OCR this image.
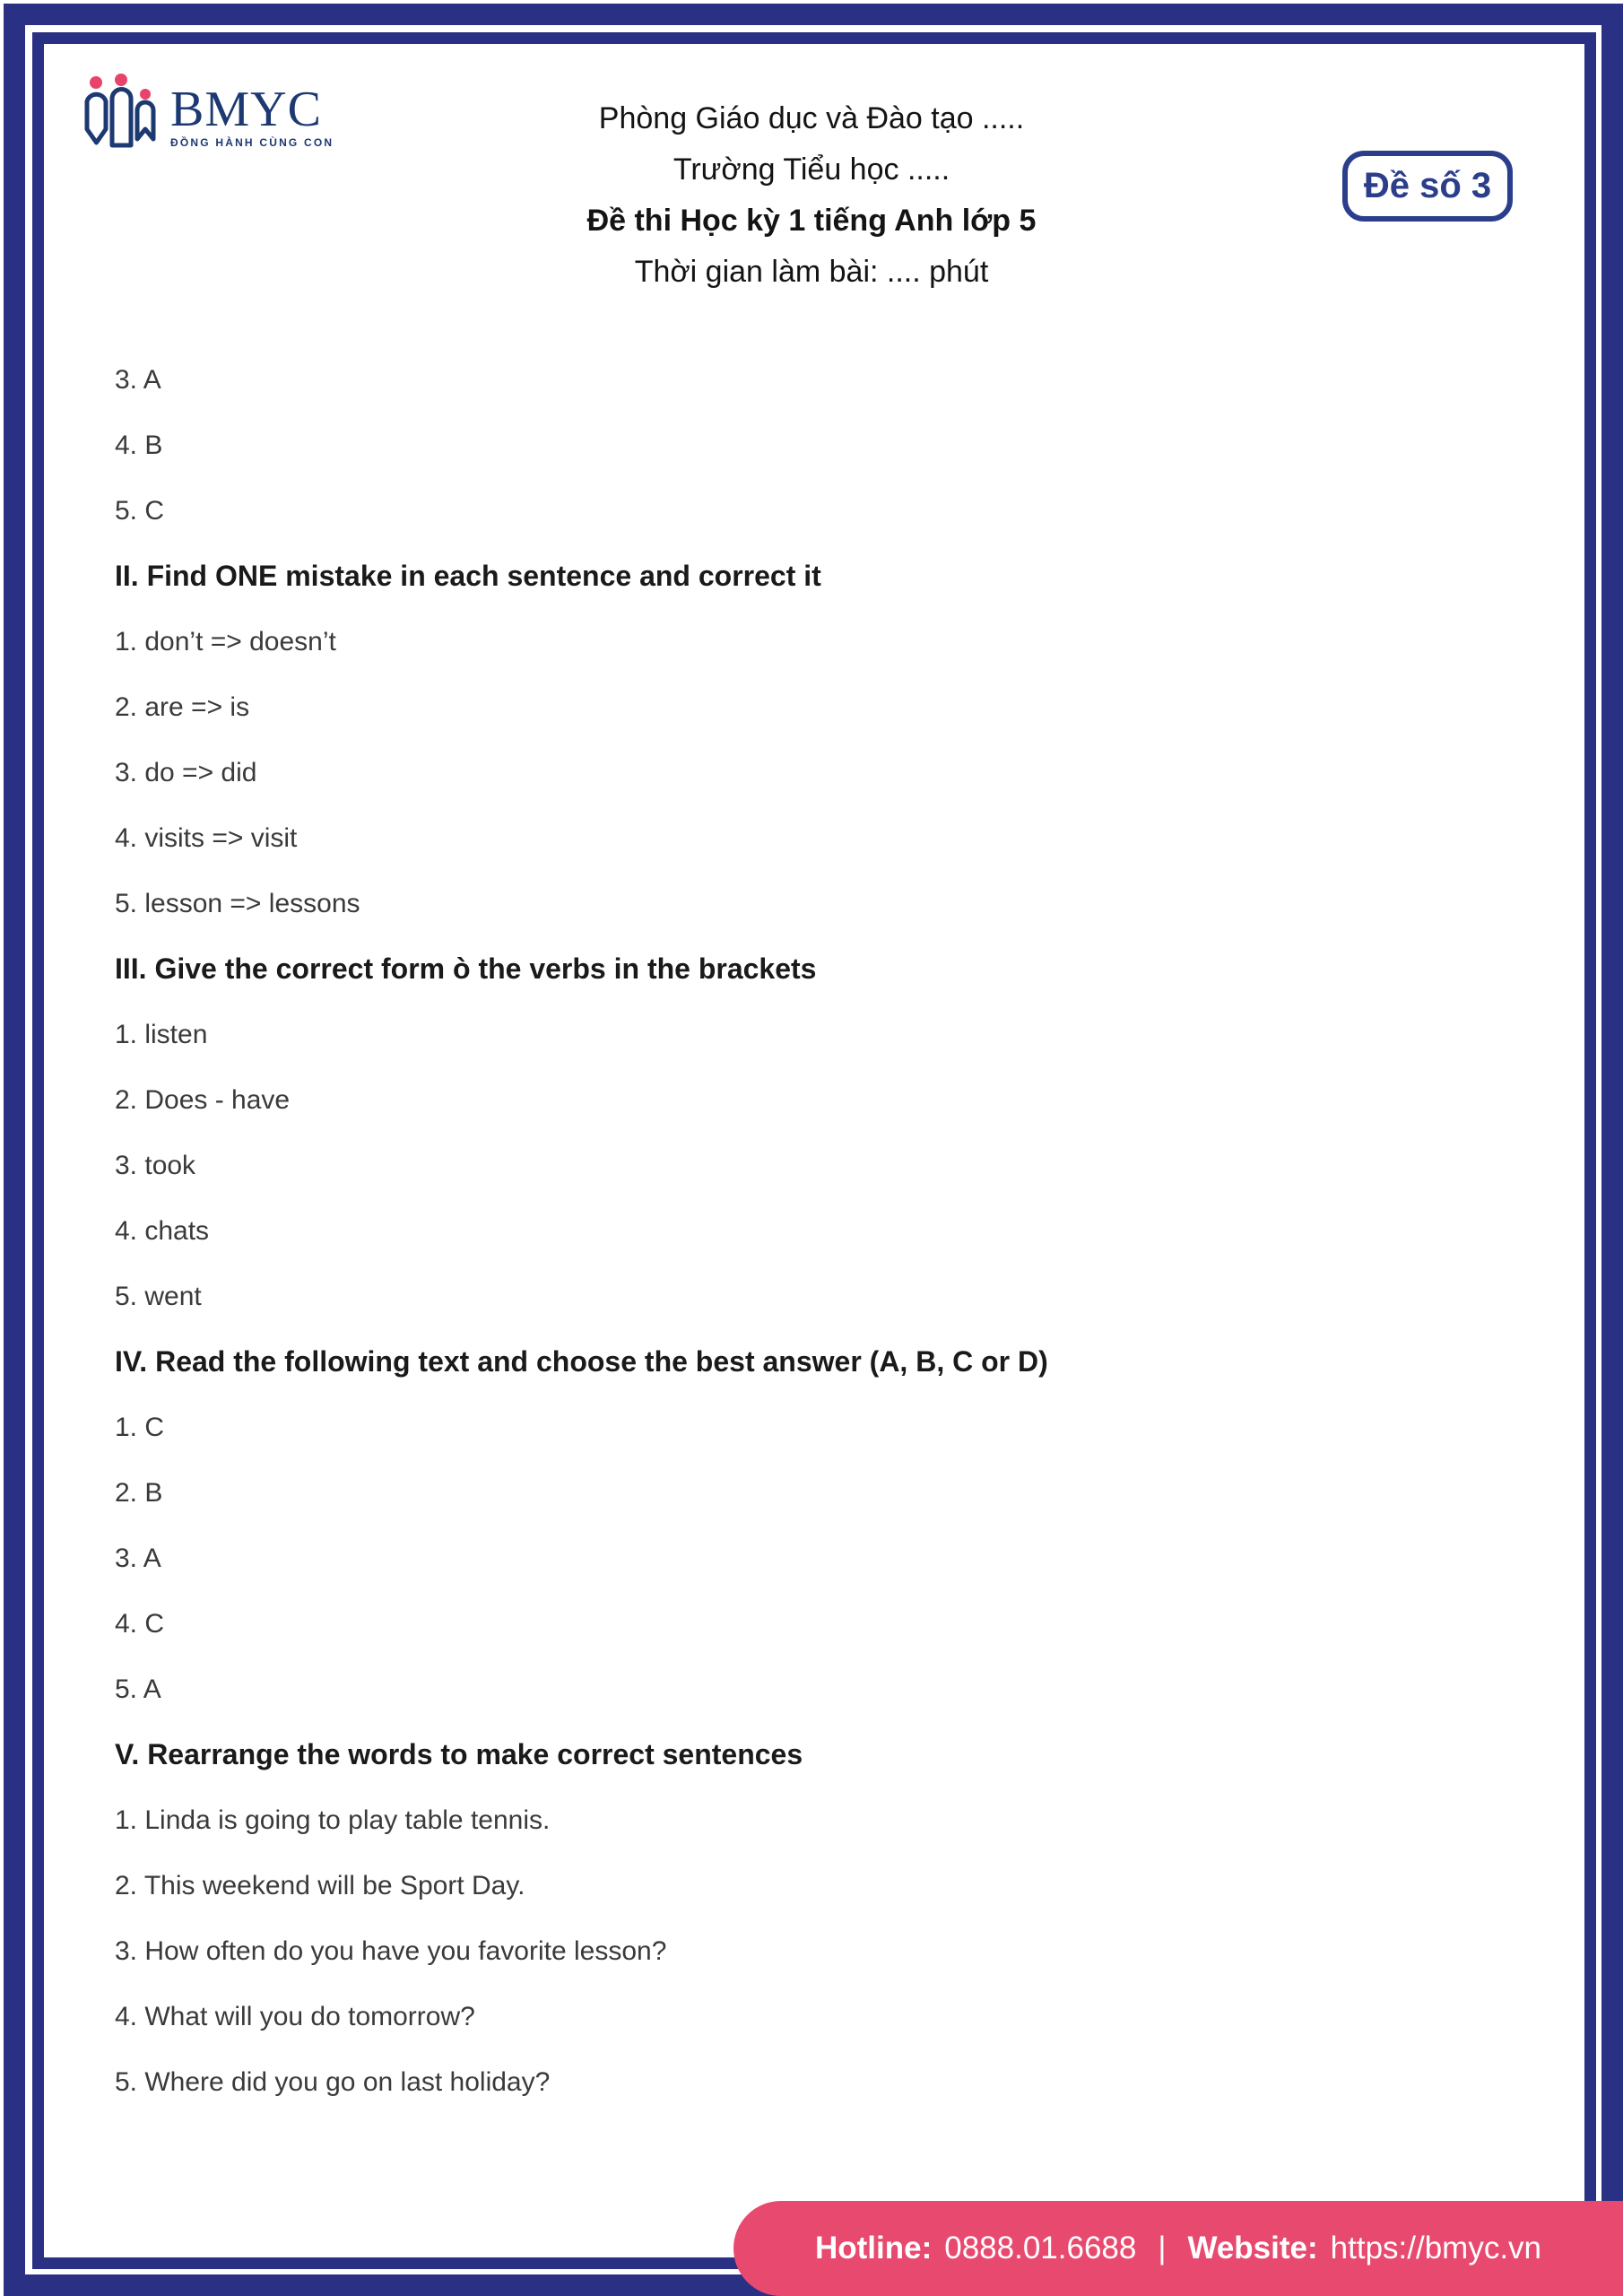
BMYC
ĐỒNG HÀNH CÙNG CON
Phòng Giáo dục và Đào tạo .....
Trường Tiểu học .....
Đề thi Học kỳ 1 tiếng Anh lớp 5
Thời gian làm bài: .... phút
Đề số 3
3. A
4. B
5. C
II. Find ONE mistake in each sentence and correct it
1. don’t => doesn’t
2. are => is
3. do => did
4. visits => visit
5. lesson => lessons
III. Give the correct form ò the verbs in the brackets
1. listen
2. Does - have
3. took
4. chats
5. went
IV. Read the following text and choose the best answer (A, B, C or D)
1. C
2. B
3. A
4. C
5. A
V. Rearrange the words to make correct sentences
1. Linda is going to play table tennis.
2. This weekend will be Sport Day.
3. How often do you have you favorite lesson?
4. What will you do tomorrow?
5. Where did you go on last holiday?
Hotline: 0888.01.6688 | Website: https://bmyc.vn
